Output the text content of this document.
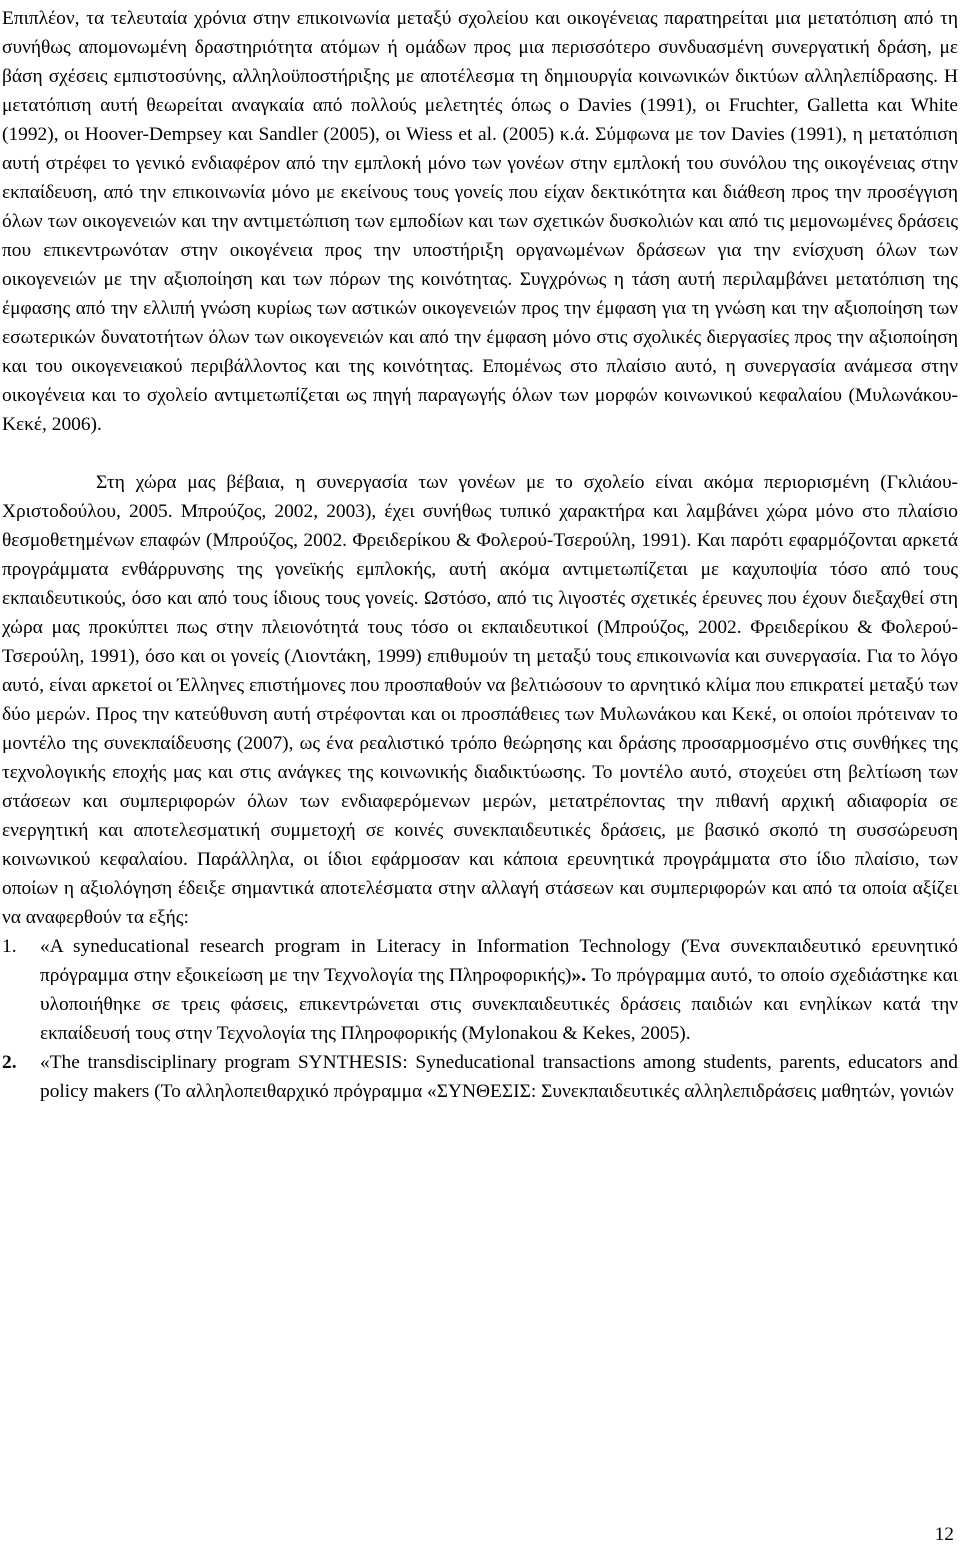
Επιπλέον, τα τελευταία χρόνια στην επικοινωνία μεταξύ σχολείου και οικογένειας παρατηρείται μια μετατόπιση από τη συνήθως απομονωμένη δραστηριότητα ατόμων ή ομάδων προς μια περισσότερο συνδυασμένη συνεργατική δράση, με βάση σχέσεις εμπιστοσύνης, αλληλοϋποστήριξης με αποτέλεσμα τη δημιουργία κοινωνικών δικτύων αλληλεπίδρασης. Η μετατόπιση αυτή θεωρείται αναγκαία από πολλούς μελετητές όπως ο Davies (1991), οι Fruchter, Galletta και White (1992), οι Hoover-Dempsey και Sandler (2005), οι Wiess et al. (2005) κ.ά. Σύμφωνα με τον Davies (1991), η μετατόπιση αυτή στρέφει το γενικό ενδιαφέρον από την εμπλοκή μόνο των γονέων στην εμπλοκή του συνόλου της οικογένειας στην εκπαίδευση, από την επικοινωνία μόνο με εκείνους τους γονείς που είχαν δεκτικότητα και διάθεση προς την προσέγγιση όλων των οικογενειών και την αντιμετώπιση των εμποδίων και των σχετικών δυσκολιών και από τις μεμονωμένες δράσεις που επικεντρωνόταν στην οικογένεια προς την υποστήριξη οργανωμένων δράσεων για την ενίσχυση όλων των οικογενειών με την αξιοποίηση και των πόρων της κοινότητας. Συγχρόνως η τάση αυτή περιλαμβάνει μετατόπιση της έμφασης από την ελλιπή γνώση κυρίως των αστικών οικογενειών προς την έμφαση για τη γνώση και την αξιοποίηση των εσωτερικών δυνατοτήτων όλων των οικογενειών και από την έμφαση μόνο στις σχολικές διεργασίες προς την αξιοποίηση και του οικογενειακού περιβάλλοντος και της κοινότητας. Επομένως στο πλαίσιο αυτό, η συνεργασία ανάμεσα στην οικογένεια και το σχολείο αντιμετωπίζεται ως πηγή παραγωγής όλων των μορφών κοινωνικού κεφαλαίου (Μυλωνάκου-Κεκέ, 2006).

Στη χώρα μας βέβαια, η συνεργασία των γονέων με το σχολείο είναι ακόμα περιορισμένη (Γκλιάου-Χριστοδούλου, 2005. Μπρούζος, 2002, 2003), έχει συνήθως τυπικό χαρακτήρα και λαμβάνει χώρα μόνο στο πλαίσιο θεσμοθετημένων επαφών (Μπρούζος, 2002. Φρειδερίκου & Φολερού-Τσερούλη, 1991). Και παρότι εφαρμόζονται αρκετά προγράμματα ενθάρρυνσης της γονεϊκής εμπλοκής, αυτή ακόμα αντιμετωπίζεται με καχυποψία τόσο από τους εκπαιδευτικούς, όσο και από τους ίδιους τους γονείς. Ωστόσο, από τις λιγοστές σχετικές έρευνες που έχουν διεξαχθεί στη χώρα μας προκύπτει πως στην πλειονότητά τους τόσο οι εκπαιδευτικοί (Μπρούζος, 2002. Φρειδερίκου & Φολερού-Τσερούλη, 1991), όσο και οι γονείς (Λιοντάκη, 1999) επιθυμούν τη μεταξύ τους επικοινωνία και συνεργασία. Για το λόγο αυτό, είναι αρκετοί οι Έλληνες επιστήμονες που προσπαθούν να βελτιώσουν το αρνητικό κλίμα που επικρατεί μεταξύ των δύο μερών. Προς την κατεύθυνση αυτή στρέφονται και οι προσπάθειες των Μυλωνάκου και Κεκέ, οι οποίοι πρότειναν το μοντέλο της συνεκπαίδευσης (2007), ως ένα ρεαλιστικό τρόπο θεώρησης και δράσης προσαρμοσμένο στις συνθήκες της τεχνολογικής εποχής μας και στις ανάγκες της κοινωνικής διαδικτύωσης. Το μοντέλο αυτό, στοχεύει στη βελτίωση των στάσεων και συμπεριφορών όλων των ενδιαφερόμενων μερών, μετατρέποντας την πιθανή αρχική αδιαφορία σε ενεργητική και αποτελεσματική συμμετοχή σε κοινές συνεκπαιδευτικές δράσεις, με βασικό σκοπό τη συσσώρευση κοινωνικού κεφαλαίου. Παράλληλα, οι ίδιοι εφάρμοσαν και κάποια ερευνητικά προγράμματα στο ίδιο πλαίσιο, των οποίων η αξιολόγηση έδειξε σημαντικά αποτελέσματα στην αλλαγή στάσεων και συμπεριφορών και από τα οποία αξίζει να αναφερθούν τα εξής:

1. «A syneducational research program in Literacy in Information Technology (Ένα συνεκπαιδευτικό ερευνητικό πρόγραμμα στην εξοικείωση με την Τεχνολογία της Πληροφορικής)». Το πρόγραμμα αυτό, το οποίο σχεδιάστηκε και υλοποιήθηκε σε τρεις φάσεις, επικεντρώνεται στις συνεκπαιδευτικές δράσεις παιδιών και ενηλίκων κατά την εκπαίδευσή τους στην Τεχνολογία της Πληροφορικής (Mylonakou & Kekes, 2005).

2. «The transdisciplinary program SYNTHESIS: Syneducational transactions among students, parents, educators and policy makers (Το αλληλοπειθαρχικό πρόγραμμα «ΣΥΝΘΕΣΙΣ: Συνεκπαιδευτικές αλληλεπιδράσεις μαθητών, γονιών

12
